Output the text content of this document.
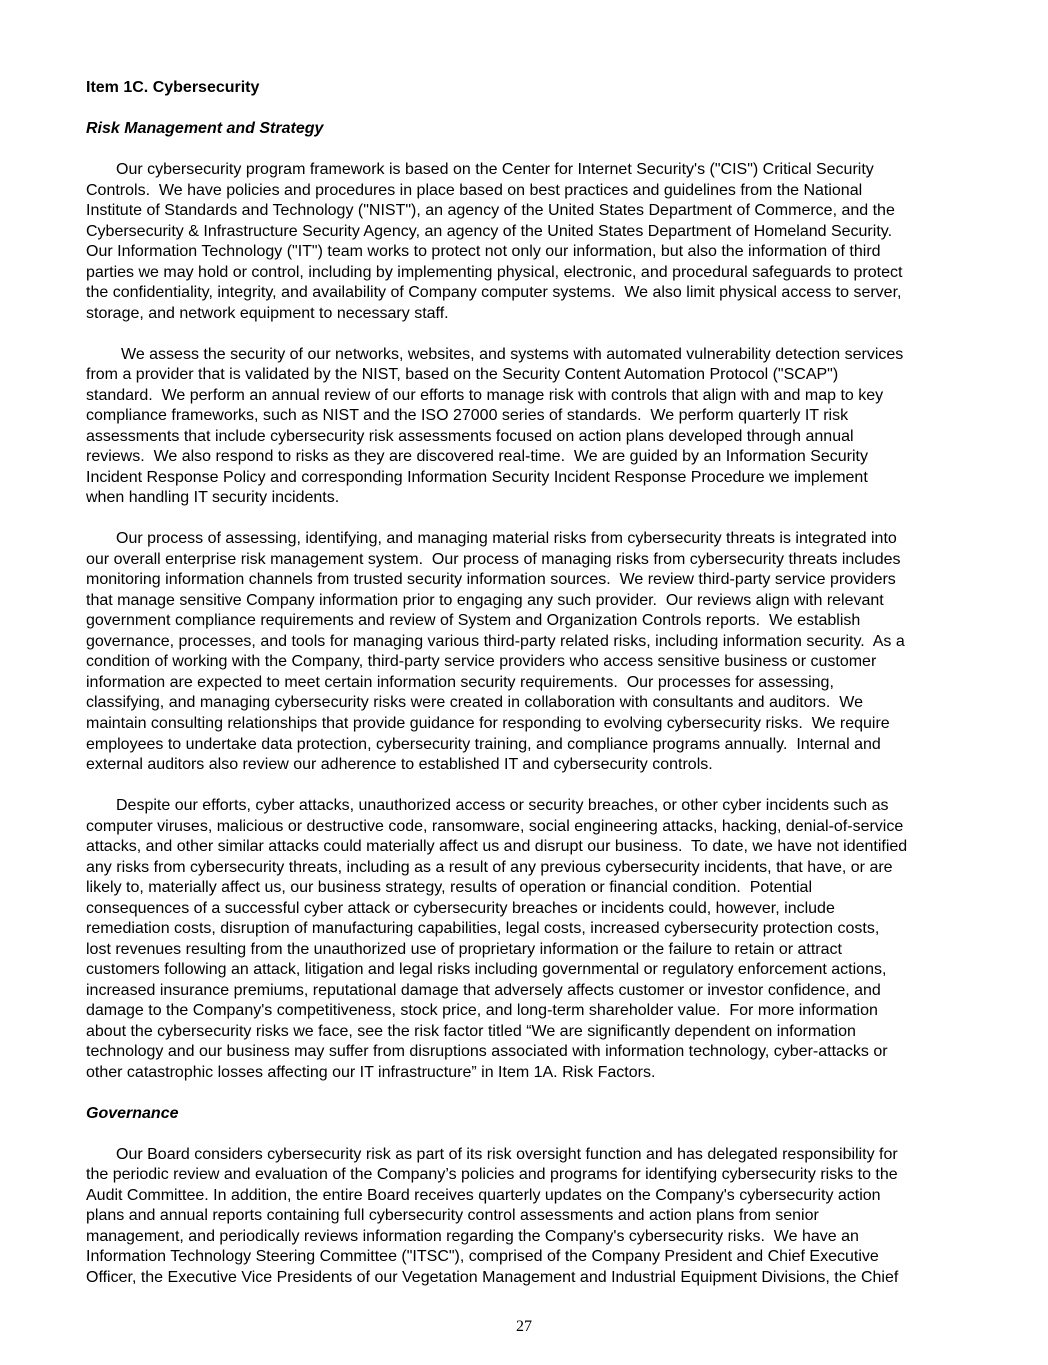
Item 1C. Cybersecurity
Risk Management and Strategy
Our cybersecurity program framework is based on the Center for Internet Security's ("CIS") Critical Security
Controls.  We have policies and procedures in place based on best practices and guidelines from the National
Institute of Standards and Technology ("NIST"), an agency of the United States Department of Commerce, and the
Cybersecurity & Infrastructure Security Agency, an agency of the United States Department of Homeland Security.
Our Information Technology ("IT") team works to protect not only our information, but also the information of third
parties we may hold or control, including by implementing physical, electronic, and procedural safeguards to protect
the confidentiality, integrity, and availability of Company computer systems.  We also limit physical access to server,
storage, and network equipment to necessary staff.
We assess the security of our networks, websites, and systems with automated vulnerability detection services
from a provider that is validated by the NIST, based on the Security Content Automation Protocol ("SCAP")
standard.  We perform an annual review of our efforts to manage risk with controls that align with and map to key
compliance frameworks, such as NIST and the ISO 27000 series of standards.  We perform quarterly IT risk
assessments that include cybersecurity risk assessments focused on action plans developed through annual
reviews.  We also respond to risks as they are discovered real-time.  We are guided by an Information Security
Incident Response Policy and corresponding Information Security Incident Response Procedure we implement
when handling IT security incidents.
Our process of assessing, identifying, and managing material risks from cybersecurity threats is integrated into
our overall enterprise risk management system.  Our process of managing risks from cybersecurity threats includes
monitoring information channels from trusted security information sources.  We review third-party service providers
that manage sensitive Company information prior to engaging any such provider.  Our reviews align with relevant
government compliance requirements and review of System and Organization Controls reports.  We establish
governance, processes, and tools for managing various third-party related risks, including information security.  As a
condition of working with the Company, third-party service providers who access sensitive business or customer
information are expected to meet certain information security requirements.  Our processes for assessing,
classifying, and managing cybersecurity risks were created in collaboration with consultants and auditors.  We
maintain consulting relationships that provide guidance for responding to evolving cybersecurity risks.  We require
employees to undertake data protection, cybersecurity training, and compliance programs annually.  Internal and
external auditors also review our adherence to established IT and cybersecurity controls.
Despite our efforts, cyber attacks, unauthorized access or security breaches, or other cyber incidents such as
computer viruses, malicious or destructive code, ransomware, social engineering attacks, hacking, denial-of-service
attacks, and other similar attacks could materially affect us and disrupt our business.  To date, we have not identified
any risks from cybersecurity threats, including as a result of any previous cybersecurity incidents, that have, or are
likely to, materially affect us, our business strategy, results of operation or financial condition.  Potential
consequences of a successful cyber attack or cybersecurity breaches or incidents could, however, include
remediation costs, disruption of manufacturing capabilities, legal costs, increased cybersecurity protection costs,
lost revenues resulting from the unauthorized use of proprietary information or the failure to retain or attract
customers following an attack, litigation and legal risks including governmental or regulatory enforcement actions,
increased insurance premiums, reputational damage that adversely affects customer or investor confidence, and
damage to the Company's competitiveness, stock price, and long-term shareholder value.  For more information
about the cybersecurity risks we face, see the risk factor titled “We are significantly dependent on information
technology and our business may suffer from disruptions associated with information technology, cyber-attacks or
other catastrophic losses affecting our IT infrastructure” in Item 1A. Risk Factors.
Governance
Our Board considers cybersecurity risk as part of its risk oversight function and has delegated responsibility for
the periodic review and evaluation of the Company’s policies and programs for identifying cybersecurity risks to the
Audit Committee. In addition, the entire Board receives quarterly updates on the Company's cybersecurity action
plans and annual reports containing full cybersecurity control assessments and action plans from senior
management, and periodically reviews information regarding the Company's cybersecurity risks.  We have an
Information Technology Steering Committee ("ITSC"), comprised of the Company President and Chief Executive
Officer, the Executive Vice Presidents of our Vegetation Management and Industrial Equipment Divisions, the Chief
27
